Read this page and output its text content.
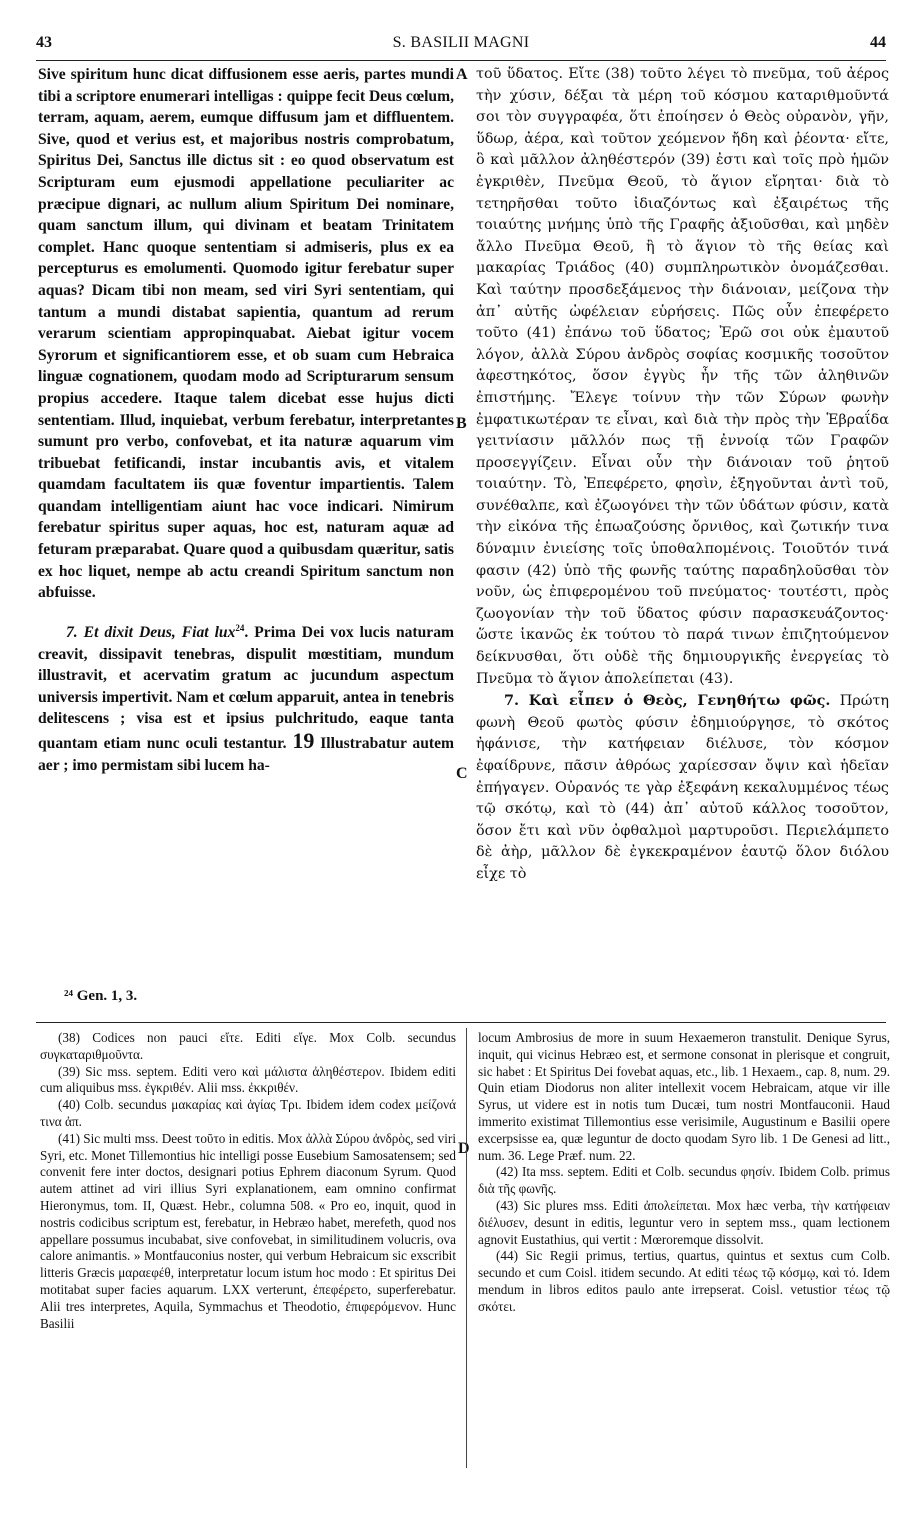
43	S. BASILII MAGNI	44

Sive spiritum hunc dicat diffusionem esse aeris, partes mundi tibi a scriptore enumerari intelligas : quippe fecit Deus cœlum, terram, aquam, aerem, eumque diffusum jam et diffluentem. Sive, quod et verius est, et majoribus nostris comprobatum, Spiritus Dei, Sanctus ille dictus sit : eo quod observatum est Scripturam eum ejusmodi appellatione peculiariter ac præcipue dignari, ac nullum alium Spiritum Dei nominare, quam sanctum illum, qui divinam et beatam Trinitatem complet. Hanc quoque sententiam si admiseris, plus ex ea percepturus es emolumenti. Quomodo igitur ferebatur super aquas? Dicam tibi non meam, sed viri Syri sententiam, qui tantum a mundi distabat sapientia, quantum ad rerum verarum scientiam appropinquabat. Aiebat igitur vocem Syrorum et significantiorem esse, et ob suam cum Hebraica linguæ cognationem, quodam modo ad Scripturarum sensum propius accedere. Itaque talem dicebat esse hujus dicti sententiam. Illud, inquiebat, verbum ferebatur, interpretantes sumunt pro verbo, confovebat, et ita naturæ aquarum vim tribuebat fetificandi, instar incubantis avis, et vitalem quamdam facultatem iis quæ foventur impartientis. Talem quandam intelligentiam aiunt hac voce indicari. Nimirum ferebatur spiritus super aquas, hoc est, naturam aquæ ad feturam præparabat. Quare quod a quibusdam quæritur, satis ex hoc liquet, nempe ab actu creandi Spiritum sanctum non abfuisse.

7. Et dixit Deus, Fiat lux$^{24}$. Prima Dei vox lucis naturam creavit, dissipavit tenebras, dispulit mœstitiam, mundum illustravit, et acervatim gratum ac jucundum aspectum universis impertivit. Nam et cœlum apparuit, antea in tenebris delitescens ; visa est et ipsius pulchritudo, eaque tanta quantam etiam nunc oculi testantur. 19 Illustrabatur autem aer ; imo permistam sibi lucem ha-

τοῦ ὕδατος. Εἴτε (38) τοῦτο λέγει τὸ πνεῦμα, τοῦ ἀέρος τὴν χύσιν, δέξαι τὰ μέρη τοῦ κόσμου καταριθμοῦντά σοι τὸν συγγραφέα, ὅτι ἐποίησεν ὁ Θεὸς οὐρανὸν, γῆν, ὕδωρ, ἀέρα, καὶ τοῦτον χεόμενον ἤδη καὶ ῥέοντα· εἴτε, ὃ καὶ μᾶλλον ἀληθέστερόν (39) ἐστι καὶ τοῖς πρὸ ἡμῶν ἐγκριθὲν, Πνεῦμα Θεοῦ, τὸ ἅγιον εἴρηται· διὰ τὸ τετηρῆσθαι τοῦτο ἰδιαζόντως καὶ ἐξαιρέτως τῆς τοιαύτης μνήμης ὑπὸ τῆς Γραφῆς ἀξιοῦσθαι, καὶ μηδὲν ἄλλο Πνεῦμα Θεοῦ, ἢ τὸ ἅγιον τὸ τῆς θείας καὶ μακαρίας Τριάδος (40) συμπληρωτικὸν ὀνομάζεσθαι. Καὶ ταύτην προσδεξάμενος τὴν διάνοιαν, μείζονα τὴν ἀπ᾽ αὐτῆς ὠφέλειαν εὑρήσεις. Πῶς οὖν ἐπεφέρετο τοῦτο (41) ἐπάνω τοῦ ὕδατος; Ἐρῶ σοι οὐκ ἐμαυτοῦ λόγον, ἀλλὰ Σύρου ἀνδρὸς σοφίας κοσμικῆς τοσοῦτον ἀφεστηκότος, ὅσον ἐγγὺς ἦν τῆς τῶν ἀληθινῶν ἐπιστήμης. Ἔλεγε τοίνυν τὴν τῶν Σύρων φωνὴν ἐμφατικωτέραν τε εἶναι, καὶ διὰ τὴν πρὸς τὴν Ἑβραΐδα γειτνίασιν μᾶλλόν πως τῇ ἐννοίᾳ τῶν Γραφῶν προσεγγίζειν. Εἶναι οὖν τὴν διάνοιαν τοῦ ῥητοῦ τοιαύτην. Τὸ, Ἐπεφέρετο, φησὶν, ἐξηγοῦνται ἀντὶ τοῦ, συνέθαλπε, καὶ ἐζωογόνει τὴν τῶν ὑδάτων φύσιν, κατὰ τὴν εἰκόνα τῆς ἐπωαζούσης ὄρνιθος, καὶ ζωτικήν τινα δύναμιν ἐνιείσης τοῖς ὑποθαλπομένοις. Τοιοῦτόν τινά φασιν (42) ὑπὸ τῆς φωνῆς ταύτης παραδηλοῦσθαι τὸν νοῦν, ὡς ἐπιφερομένου τοῦ πνεύματος· τουτέστι, πρὸς ζωογονίαν τὴν τοῦ ὕδατος φύσιν παρασκευάζοντος· ὥστε ἱκανῶς ἐκ τούτου τὸ παρά τινων ἐπιζητούμενον δείκνυσθαι, ὅτι οὐδὲ τῆς δημιουργικῆς ἐνεργείας τὸ Πνεῦμα τὸ ἅγιον ἀπολείπεται (43).

7. Καὶ εἶπεν ὁ Θεὸς, Γενηθήτω φῶς. Πρώτη φωνὴ Θεοῦ φωτὸς φύσιν ἐδημιούργησε, τὸ σκότος ἠφάνισε, τὴν κατήφειαν διέλυσε, τὸν κόσμον ἐφαίδρυνε, πᾶσιν ἀθρόως χαρίεσσαν ὄψιν καὶ ἡδεῖαν ἐπήγαγεν. Οὐρανός τε γὰρ ἐξεφάνη κεκαλυμμένος τέως τῷ σκότῳ, καὶ τὸ (44) ἀπ᾽ αὐτοῦ κάλλος τοσοῦτον, ὅσον ἔτι καὶ νῦν ὀφθαλμοὶ μαρτυροῦσι. Περιελάμπετο δὲ ἀὴρ, μᾶλλον δὲ ἐγκεκραμένον ἑαυτῷ ὅλον διόλου εἶχε τὸ

A
B
C
D
²⁴ Gen. 1, 3.

(38) Codices non pauci εἴτε. Editi εἴγε. Mox Colb. secundus συγκαταριθμοῦντα.

(39) Sic mss. septem. Editi vero καὶ μάλιστα ἀληθέστερον. Ibidem editi cum aliquibus mss. ἐγκριθέν. Alii mss. ἐκκριθέν.

(40) Colb. secundus μακαρίας καὶ ἁγίας Τρι. Ibidem idem codex μείζονά τινα ἀπ.

(41) Sic multi mss. Deest τοῦτο in editis. Mox ἀλλὰ Σύρου ἀνδρὸς, sed viri Syri, etc. Monet Tillemontius hic intelligi posse Eusebium Samosatensem; sed convenit fere inter doctos, designari potius Ephrem diaconum Syrum. Quod autem attinet ad viri illius Syri explanationem, eam omnino confirmat Hieronymus, tom. II, Quæst. Hebr., columna 508. « Pro eo, inquit, quod in nostris codicibus scriptum est, ferebatur, in Hebræo habet, merefeth, quod nos appellare possumus incubabat, sive confovebat, in similitudinem volucris, ova calore animantis. » Montfauconius noster, qui verbum Hebraicum sic exscribit litteris Græcis μαραεφέθ, interpretatur locum istum hoc modo : Et spiritus Dei motitabat super facies aquarum. LXX verterunt, ἐπεφέρετο, superferebatur. Alii tres interpretes, Aquila, Symmachus et Theodotio, ἐπιφερόμενον. Hunc Basilii

locum Ambrosius de more in suum Hexaemeron transtulit. Denique Syrus, inquit, qui vicinus Hebræo est, et sermone consonat in plerisque et congruit, sic habet : Et Spiritus Dei fovebat aquas, etc., lib. 1 Hexaem., cap. 8, num. 29. Quin etiam Diodorus non aliter intellexit vocem Hebraicam, atque vir ille Syrus, ut videre est in notis tum Ducæi, tum nostri Montfauconii. Haud immerito existimat Tillemontius esse verisimile, Augustinum e Basilii opere excerpsisse ea, quæ leguntur de docto quodam Syro lib. 1 De Genesi ad litt., num. 36. Lege Præf. num. 22.

(42) Ita mss. septem. Editi et Colb. secundus φησίν. Ibidem Colb. primus διὰ τῆς φωνῆς.

(43) Sic plures mss. Editi ἀπολείπεται. Mox hæc verba, τὴν κατήφειαν διέλυσεν, desunt in editis, leguntur vero in septem mss., quam lectionem agnovit Eustathius, qui vertit : Mœroremque dissolvit.

(44) Sic Regii primus, tertius, quartus, quintus et sextus cum Colb. secundo et cum Coisl. itidem secundo. At editi τέως τῷ κόσμῳ, καὶ τό. Idem mendum in libros editos paulo ante irrepserat. Coisl. vetustior τέως τῷ σκότει.
